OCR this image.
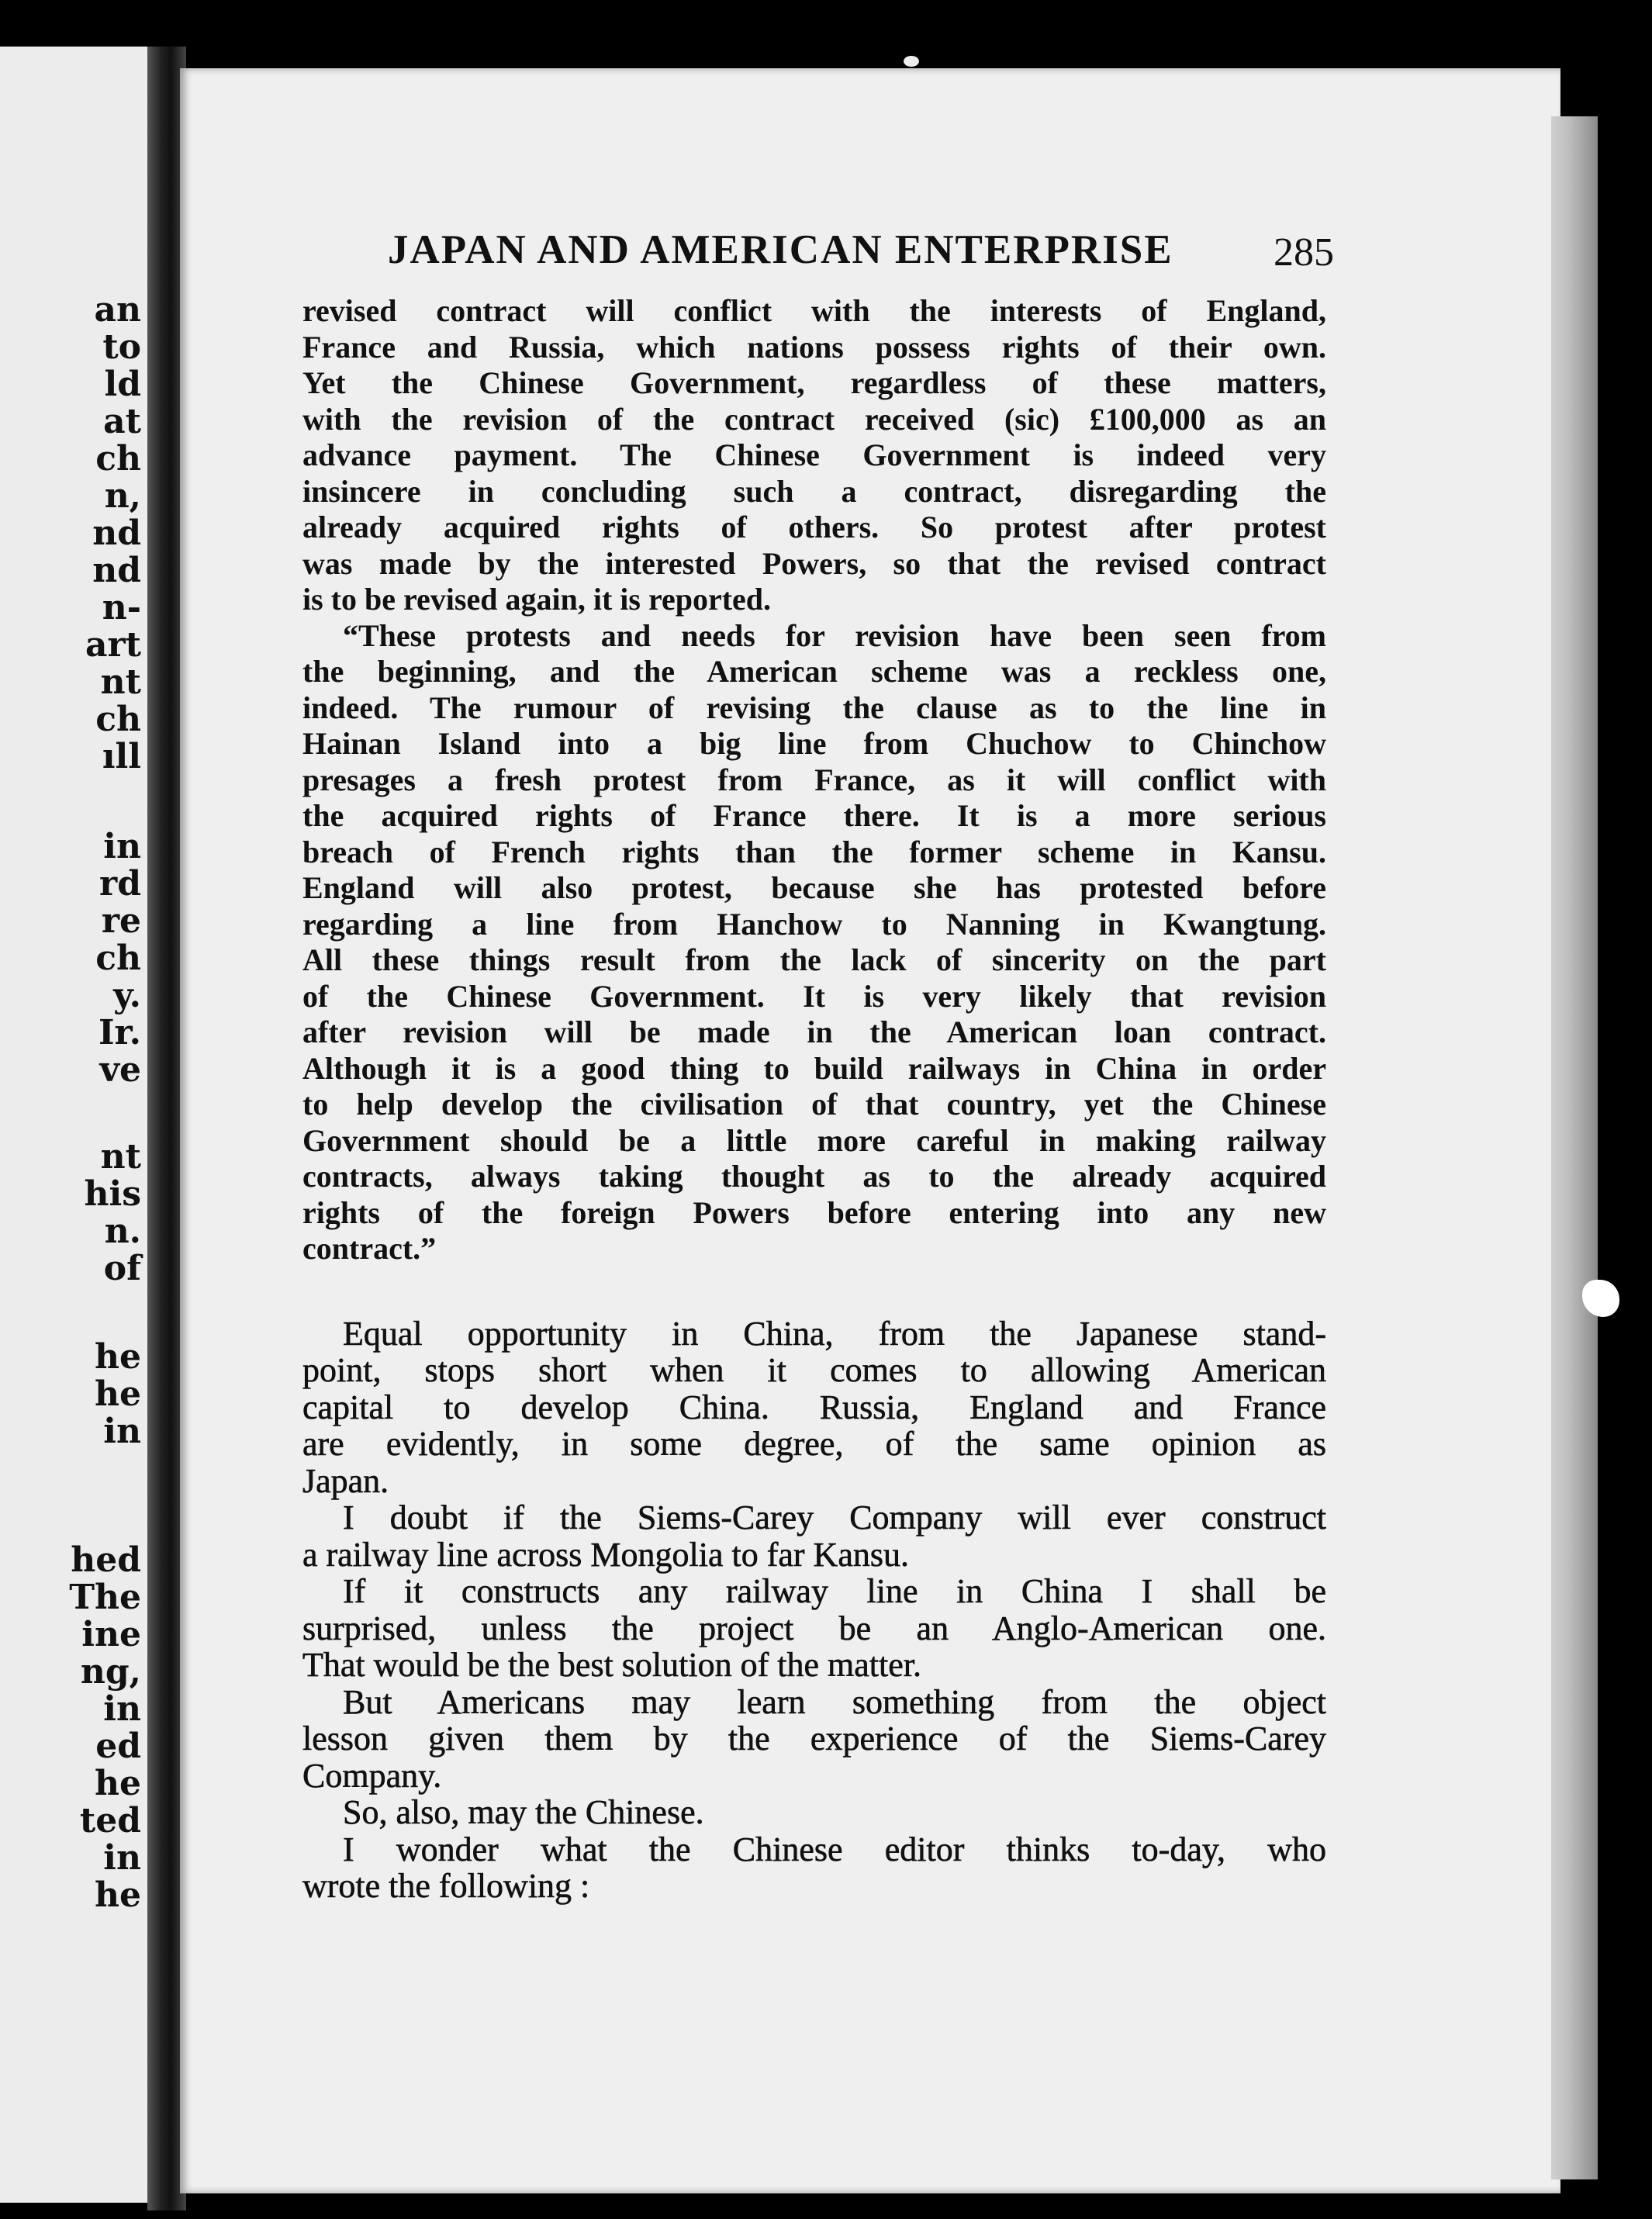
an
to
ld
at
ch
n,
nd
nd
n-
art
nt
ch
ıll
in
rd
re
ch
y.
Ir.
ve
nt
his
n.
of
he
he
in
hed
The
ine
ng,
in
ed
he
ted
in
he
JAPAN AND AMERICAN ENTERPRISE 285
revised contract will conflict with the interests of England,
France and Russia, which nations possess rights of their own.
Yet the Chinese Government, regardless of these matters,
with the revision of the contract received (sic) £100,000 as an
advance payment. The Chinese Government is indeed very
insincere in concluding such a contract, disregarding the
already acquired rights of others. So protest after protest
was made by the interested Powers, so that the revised contract
is to be revised again, it is reported.
“These protests and needs for revision have been seen from
the beginning, and the American scheme was a reckless one,
indeed. The rumour of revising the clause as to the line in
Hainan Island into a big line from Chuchow to Chinchow
presages a fresh protest from France, as it will conflict with
the acquired rights of France there. It is a more serious
breach of French rights than the former scheme in Kansu.
England will also protest, because she has protested before
regarding a line from Hanchow to Nanning in Kwangtung.
All these things result from the lack of sincerity on the part
of the Chinese Government. It is very likely that revision
after revision will be made in the American loan contract.
Although it is a good thing to build railways in China in order
to help develop the civilisation of that country, yet the Chinese
Government should be a little more careful in making railway
contracts, always taking thought as to the already acquired
rights of the foreign Powers before entering into any new
contract.”
Equal opportunity in China, from the Japanese stand-
point, stops short when it comes to allowing American
capital to develop China. Russia, England and France
are evidently, in some degree, of the same opinion as
Japan.
I doubt if the Siems-Carey Company will ever construct
a railway line across Mongolia to far Kansu.
If it constructs any railway line in China I shall be
surprised, unless the project be an Anglo-American one.
That would be the best solution of the matter.
But Americans may learn something from the object
lesson given them by the experience of the Siems-Carey
Company.
So, also, may the Chinese.
I wonder what the Chinese editor thinks to-day, who
wrote the following :
